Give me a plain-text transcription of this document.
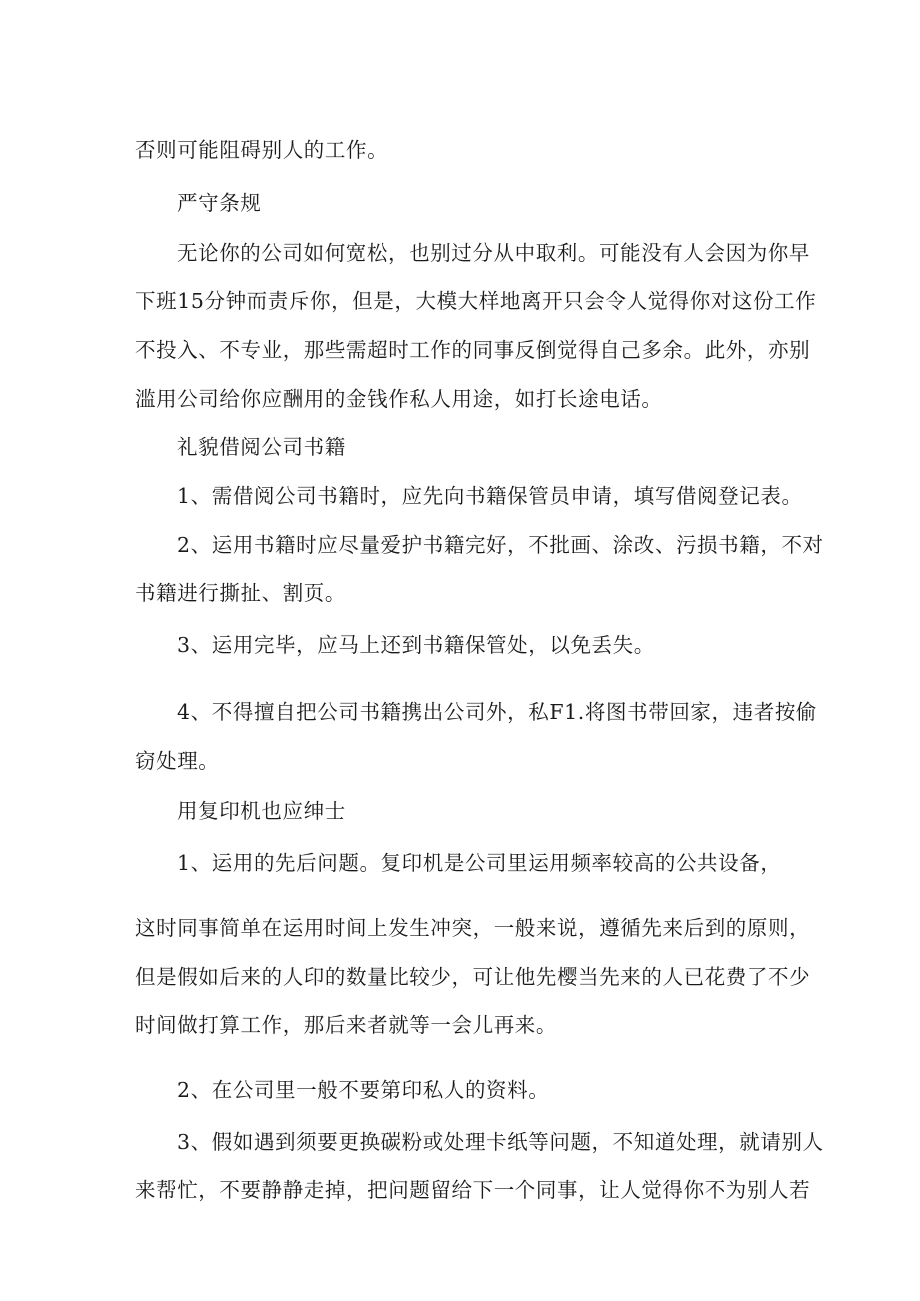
否则可能阻碍别人的工作。

严守条规

无论你的公司如何宽松，也别过分从中取利。可能没有人会因为你早

下班15分钟而责斥你，但是，大模大样地离开只会令人觉得你对这份工作

不投入、不专业，那些需超时工作的同事反倒觉得自己多余。此外，亦别

滥用公司给你应酬用的金钱作私人用途，如打长途电话。

礼貌借阅公司书籍

1、需借阅公司书籍时，应先向书籍保管员申请，填写借阅登记表。

2、运用书籍时应尽量爱护书籍完好，不批画、涂改、污损书籍，不对

书籍进行撕扯、割页。

3、运用完毕，应马上还到书籍保管处，以免丢失。

4、不得擅自把公司书籍携出公司外，私F1.将图书带回家，违者按偷

窃处理。

用复印机也应绅士

1、运用的先后问题。复印机是公司里运用频率较高的公共设备，

这时同事简单在运用时间上发生冲突，一般来说，遵循先来后到的原则，

但是假如后来的人印的数量比较少，可让他先樱当先来的人已花费了不少

时间做打算工作，那后来者就等一会儿再来。

2、在公司里一般不要第印私人的资料。

3、假如遇到须要更换碳粉或处理卡纸等问题，不知道处理，就请别人

来帮忙，不要静静走掉，把问题留给下一个同事，让人觉得你不为别人若
